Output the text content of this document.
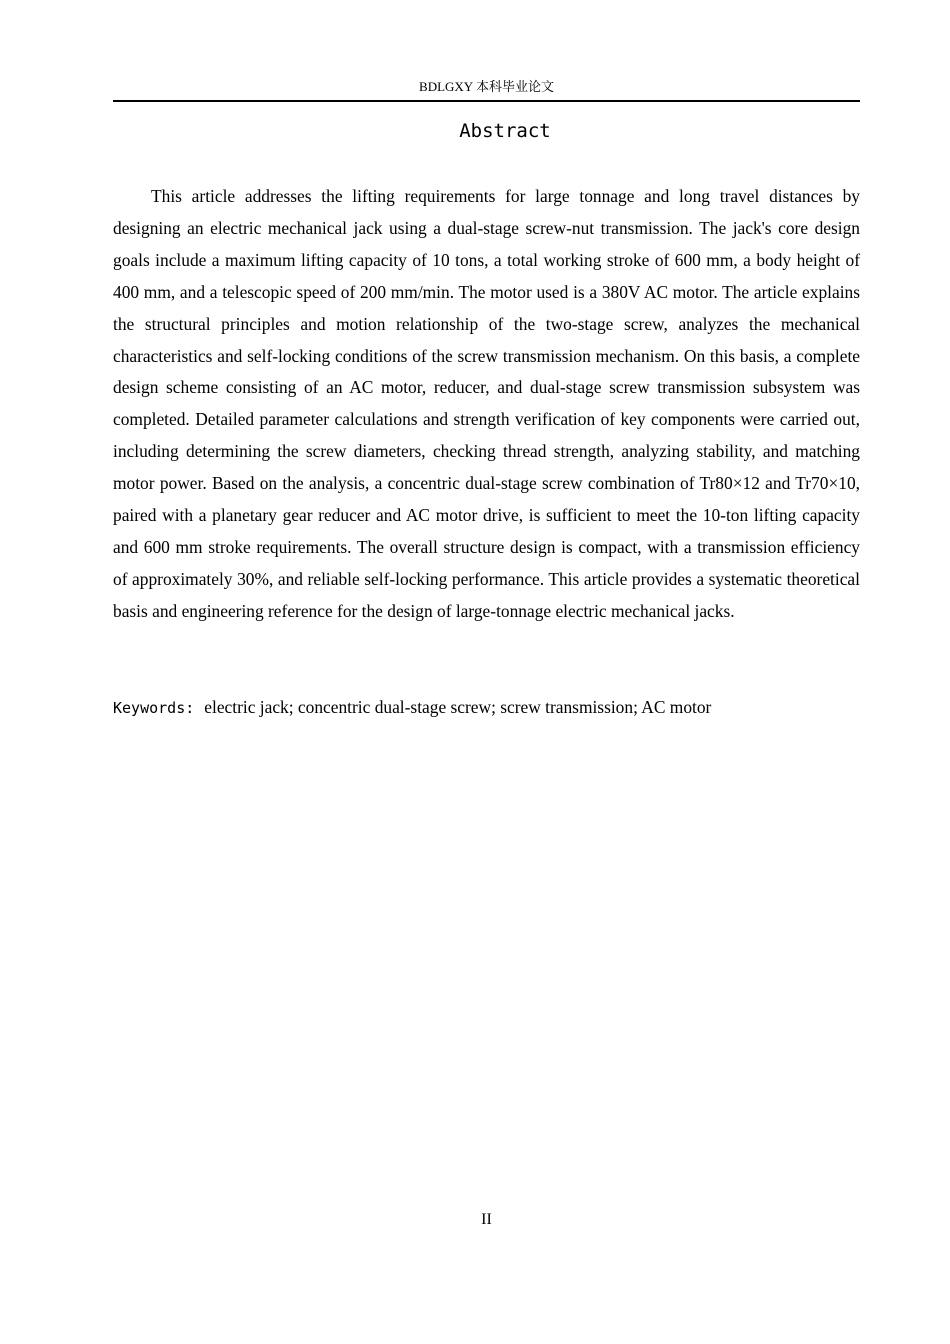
BDLGXY 本科毕业论文
Abstract

This article addresses the lifting requirements for large tonnage and long travel distances by designing an electric mechanical jack using a dual-stage screw-nut transmission. The jack's core design goals include a maximum lifting capacity of 10 tons, a total working stroke of 600 mm, a body height of 400 mm, and a telescopic speed of 200 mm/min. The motor used is a 380V AC motor. The article explains the structural principles and motion relationship of the two-stage screw, analyzes the mechanical characteristics and self-locking conditions of the screw transmission mechanism. On this basis, a complete design scheme consisting of an AC motor, reducer, and dual-stage screw transmission subsystem was completed. Detailed parameter calculations and strength verification of key components were carried out, including determining the screw diameters, checking thread strength, analyzing stability, and matching motor power. Based on the analysis, a concentric dual-stage screw combination of Tr80×12 and Tr70×10, paired with a planetary gear reducer and AC motor drive, is sufficient to meet the 10-ton lifting capacity and 600 mm stroke requirements. The overall structure design is compact, with a transmission efficiency of approximately 30%, and reliable self-locking performance. This article provides a systematic theoretical basis and engineering reference for the design of large-tonnage electric mechanical jacks.

Keywords: electric jack; concentric dual-stage screw; screw transmission; AC motor
II
